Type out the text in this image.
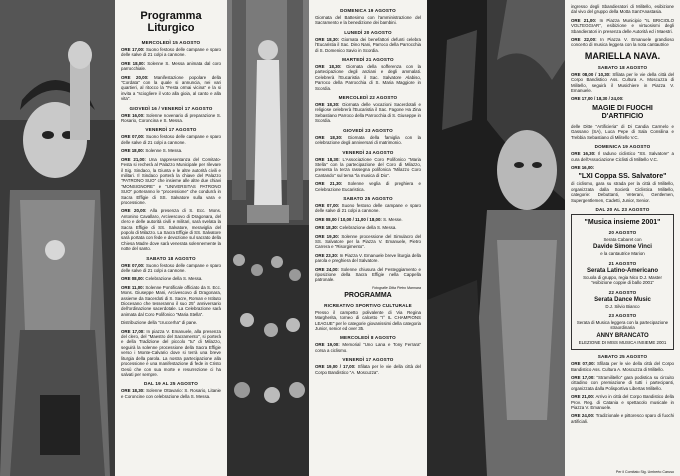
Programma Liturgico
MERCOLEDÌ 15 AGOSTO
ORE 17,00: Suono festoso delle campane e sparo delle salve di 21 colpi a cannone.
ORE 18,00: Solenne S. Messa animata dal coro parrocchiale.
ORE 20,00: Manifestazione popolare della "Cordata" con la quale si annuncia, nei vari quartieri, al ritocco la "Festa ormai vicina" e la si invita a "sciogliere il voto alla gioia, al canto e alla vita".
GIOVEDÌ 16 / VENERDÌ 17 AGOSTO
ORE 16,00: Solenne novenario di preparazione S. Rosario, Coroncina e S. Messa.
VENERDÌ 17 AGOSTO
ORE 07,00: Suono festoso delle campane e sparo delle salve di 21 colpi a cannone.
ORE 18,00: Solenne S. Messa.
ORE 21,00: Una rappresentanza del Comitato-Festa si recherà al Palazzo Municipale per rilevare il Sig. Sindaco, la Giunta e le altre autorità civili e militari. Il Sindaco porterà la chiave del Palazzo "PATRONO SUO" che insieme alle altre due chiavi "MONSIGNORE" e "UNIVERSITAS PATRONO SUO" porteranno le "processione" che condurrà in Sacra Effigie di SS. Salvatore sulla vara e processione.
ORE 20,00: Alla presenza di S. Ecc. Mons. Antonino Cavallaro, Arcivescovo di Dragonara, del clero e delle autorità civili e militari, sarà svelata la Sacra Effigie di SS. Salvatore, meraviglia del popolo di Milazzo. La Sacra Effigie di SS. Salvatore sarà portata con fede e devozione sul sacrato della Chiesa Madre dove sarà venerata solennemente la notte del santo.
SABATO 18 AGOSTO
ORE 07,00: Suono festoso delle campane e sparo delle salve di 21 colpi a cannone.
ORE 08,00: Celebrazione della S. Messa.
ORE 11,00: Solenne Pontificale officiato da S. Ecc. Mons. Giuseppe Mani, Arcivescovo di Dragonara, assieme da Sacerdoti di S. Sacre, Roman e Istituto Diocesano che tesseranno il suo 25° anniversario dell'ordinazione sacerdotale. La Celebrazione sarà animata dal Coro Polifonico "Maria Stella".
Distribuzione della "cruccerha" di pane.
ORE 17,00: In piazza V. Emanuele, alla presenza del clero, del "Maestro del Sacramento", si porterà e della Tradizione del piccolo "tu" di Milazzo, seguirà la solenne processione della Sacra Effigie verso i Monte-Calvario dove si terrà una breve liturgia della parola. La nostra partecipazione alla processione è una manifestazione di fede in Cristo Gesù che con sua morte e resurrezione ci ha salvati per sempre.
DAL 19 AL 25 AGOSTO
ORE 18,30: Solenne Ottavario: S. Rosario, Litanie e Coroncine con celebrazione della S. Messa.
DOMENICA 19 AGOSTO
Giornata del Battesimo con l'amministrazione del Sacramento e la benedizione dei bambini.
LUNEDÌ 20 AGOSTO
ORE 18,30: Giornata dei benefattori defunti celebra l'Eucaristia il Sac. Dino Nani, Parroco della Parrocchia di S. Domenico Savio in Scordia.
MARTEDÌ 21 AGOSTO
ORE 18,30: Giornata della sofferenza con la partecipazione degli anziani e degli ammalati. Celebrerà l'Eucaristia il Sac. Salvatore Alabiso, Parroco della Parrocchia di S. Maria Maggiore in Scordia.
MERCOLEDÌ 22 AGOSTO
ORE 18,30: Giornata delle vocazioni Sacerdotali e religiose celebrerà l'Eucaristia il Sac. Fagone Ha Zina Sebastiano Parroco della Parrocchia di S. Giuseppe in Scordia.
GIOVEDÌ 23 AGOSTO
ORE 18,30: Giornata della famiglia con la celebrazione degli anniversari di matrimonio.
VENERDÌ 24 AGOSTO
ORE 18,30: L'Associazione Coro Polifonico "Maria Stella" con la partecipazione del Coro di Milazzo, presenta la terza rassegna polifonica "Milazzo Coro Cantando" sul tema "la musica di Dio".
ORE 21,30: Solenne veglia di preghiera e Celebrazione Eucaristica.
SABATO 25 AGOSTO
ORE 07,00: Suono festoso delle campane e sparo delle salve di 21 colpi a cannone.
ORE 08,00 / 10,00 / 11,00 / 18,00: S. Messe.
ORE 18,30: Celebrazione della S. Messa.
ORE 19,30: Solenne processione del Simulacro del SS. Salvatore per la Piazza V. Emanuele, Pietro Carrera e "Risorgimento".
ORE 23,30: In Piazza V. Emanuele breve liturgia della parola e preghiera del Salvatore.
ORE 24,00: Solenne chiusura del Festeggiamento e riposizione della Sacra Effigie nella Cappella patronale.
Fotografie Ditta Pietro Marmara
PROGRAMMA
RICREATIVO SPORTIVO CULTURALE
Presso il campetto polivalente di Via Regina Margherita, torneo di calcetto "I° IL CHAMPIONS LEAGUE" per le categorie giovanissimi della categoria Junior, senior ed over 35.
MERCOLEDÌ 8 AGOSTO
ORE 19,00: Memorial "Uno Lana e Tony Ferrara" corsa a ciclismo.
VENERDÌ 17 AGOSTO
ORE 19,00 / 17,00: Sfilata per le vie della città del Corpo Bandistico "A. Moscuzza".
ingresso degli Sbandieratori di Militello, esibizione dal vivo del gruppo della Motta Sant'Anastasia.
ORE 21,00: In Piazza Municipio "IL BRICIOLO VOLTEGGIAR", esibizione e virtuosismi degli Sbandieratori in presenza delle Autorità ed i Maestri.
ORE 22,00: In Piazza V. Emanuele grandioso concerto di musica leggera con la nota cantautrice
MARIELLA NAVA.
SABATO 18 AGOSTO
ORE 08,00 / 10,30: Sfilata per le vie della città del Corpo Bandistico Ass. Cultura A. Moscuzza di Militello, seguirà il Musichiere in Piazza V. Emanuele.
ORE 17,00 / 18,30 / 24,00:
MAGIE DI FUOCHI
D'ARTIFICIO
delle Ditte "Artificieria" di Di Candia Carmelo e Gassano (SA), Luca Pepe di Sala Consilina e Trebbia Sebastiano di Militello V.C.
DOMENICA 19 AGOSTO
ORE 16,30: Il raduno ciclistico "SS. Salvatore" a cura dell'Associazione Ciclisti di Militello V.C.
ORE 16,00:
"LXI Coppa SS. Salvatore"
di ciclismo, gara su strada per la città di Militello, organizzata dalla Società Ciclistica Militello, categorie: Debuttanti, Veterani, Gentlemen, Supergentlemen, Cadetti, Junior, Senior.
DAL 20 AL 23 AGOSTO
"Musica insieme 2001"
20 AGOSTO
Serata Cabaret con
Davide Simone Vinci
e la cantautrice Marion
21 AGOSTO
Serata Latino-Americano
Scuola di gruppo, regia Nico D.J. Master "esibizione coppie di ballo 2001"
22 AGOSTO
Serata Dance Music
D.J. Silvio Bianco
23 AGOSTO
Serata di Musica leggera con la partecipazione straordinaria
ANNY BRANCATO
ELEZIONE DI MISS MUSICA INSIEME 2001
SABATO 25 AGOSTO
ORE 07,00: Sfilata per le vie della città del Corpo Bandistico Ass. Cultura A. Moscuzza di Militello.
ORE 17,00: "Stramilitello" gara podistica su circuito cittadino con premiazione di tutti i partecipanti, organizzata dalla Polisportiva Libertas Militello.
ORE 21,00: Arrivo in città del Corpo Bandistico della Prov. Reg. di Catania e spettacolo musicale in Piazza V. Emanuele.
ORE 24,00: Tradizionale e pittoresco sparo di fuochi artificiali.
Per il Comitato Sig. Umberto Caruso
